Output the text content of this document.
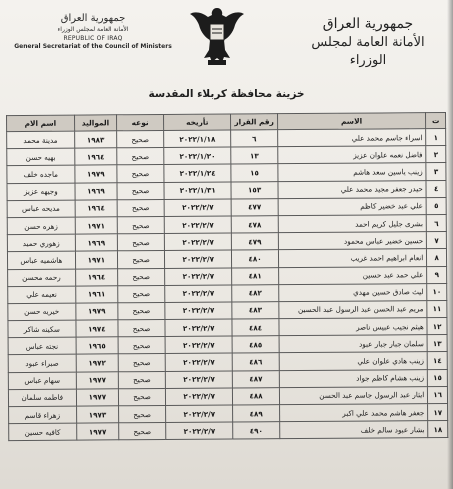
جمهورية العراق
الأمانة العامة لمجلس الوزراء
REPUBLIC OF IRAQ
General Secretariat of the Council of Ministers
جمهورية العراق
الأمانة العامة لمجلس الوزراء
خزينة محافظة كربلاء المقدسة
ت	الاسم	رقم القرار	تأريخه	نوعه	المواليد	اسم الام
١	اسراء جاسم محمد علي	٦	٢٠٢٢/١/١٨	صحيح	١٩٨٣	مدينة محمد
٢	فاضل نعمه علوان عزيز	١٣	٢٠٢٢/١/٢٠	صحيح	١٩٦٤	بهيه حسن
٣	زينب ياسين سعد هاشم	١٥	٢٠٢٢/١/٢٤	صحيح	١٩٧٩	ماجده خلف
٤	حيدر جعفر مجيد محمد علي	١٥٣	٢٠٢٢/١/٣١	صحيح	١٩٦٩	وجيهه عزيز
٥	علي عبد خضير كاظم	٤٧٧	٢٠٢٢/٢/٧	صحيح	١٩٦٤	مديحه عباس
٦	بشرى جليل كريم احمد	٤٧٨	٢٠٢٢/٢/٧	صحيح	١٩٧١	زهره حسن
٧	حسين خضير عباس محمود	٤٧٩	٢٠٢٢/٢/٧	صحيح	١٩٦٩	زهوري حميد
٨	انعام ابراهيم احمد غريب	٤٨٠	٢٠٢٢/٢/٧	صحيح	١٩٧١	هاشميه عباس
٩	علي حمد عبد حسين	٤٨١	٢٠٢٢/٢/٧	صحيح	١٩٦٤	رحمه محسن
١٠	ليث صادق حسين مهدي	٤٨٢	٢٠٢٢/٢/٧	صحيح	١٩٦١	نعيمه علي
١١	مريم عبد الحسن عبد الرسول عبد الحسين	٤٨٣	٢٠٢٢/٢/٧	صحيح	١٩٧٩	خيريه حسن
١٢	هيثم نجيب عبيس ناصر	٤٨٤	٢٠٢٢/٢/٧	صحيح	١٩٧٤	سكينه شاكر
١٣	سلمان جبار جبار عبود	٤٨٥	٢٠٢٢/٢/٧	صحيح	١٩٦٥	نجته عباس
١٤	زينب هادي علوان علي	٤٨٦	٢٠٢٢/٢/٧	صحيح	١٩٧٢	صبراء عبود
١٥	زينب هشام كاظم جواد	٤٨٧	٢٠٢٢/٢/٧	صحيح	١٩٧٧	سهام عباس
١٦	ايثار عبد الرسول جاسم عبد الحسن	٤٨٨	٢٠٢٢/٢/٧	صحيح	١٩٧٧	فاطمه سلمان
١٧	جعفر هاشم محمد علي اكبر	٤٨٩	٢٠٢٢/٢/٧	صحيح	١٩٧٣	زهراء قاسم
١٨	بشار عبود سالم خلف	٤٩٠	٢٠٢٢/٢/٧	صحيح	١٩٧٧	كافيه حسين
